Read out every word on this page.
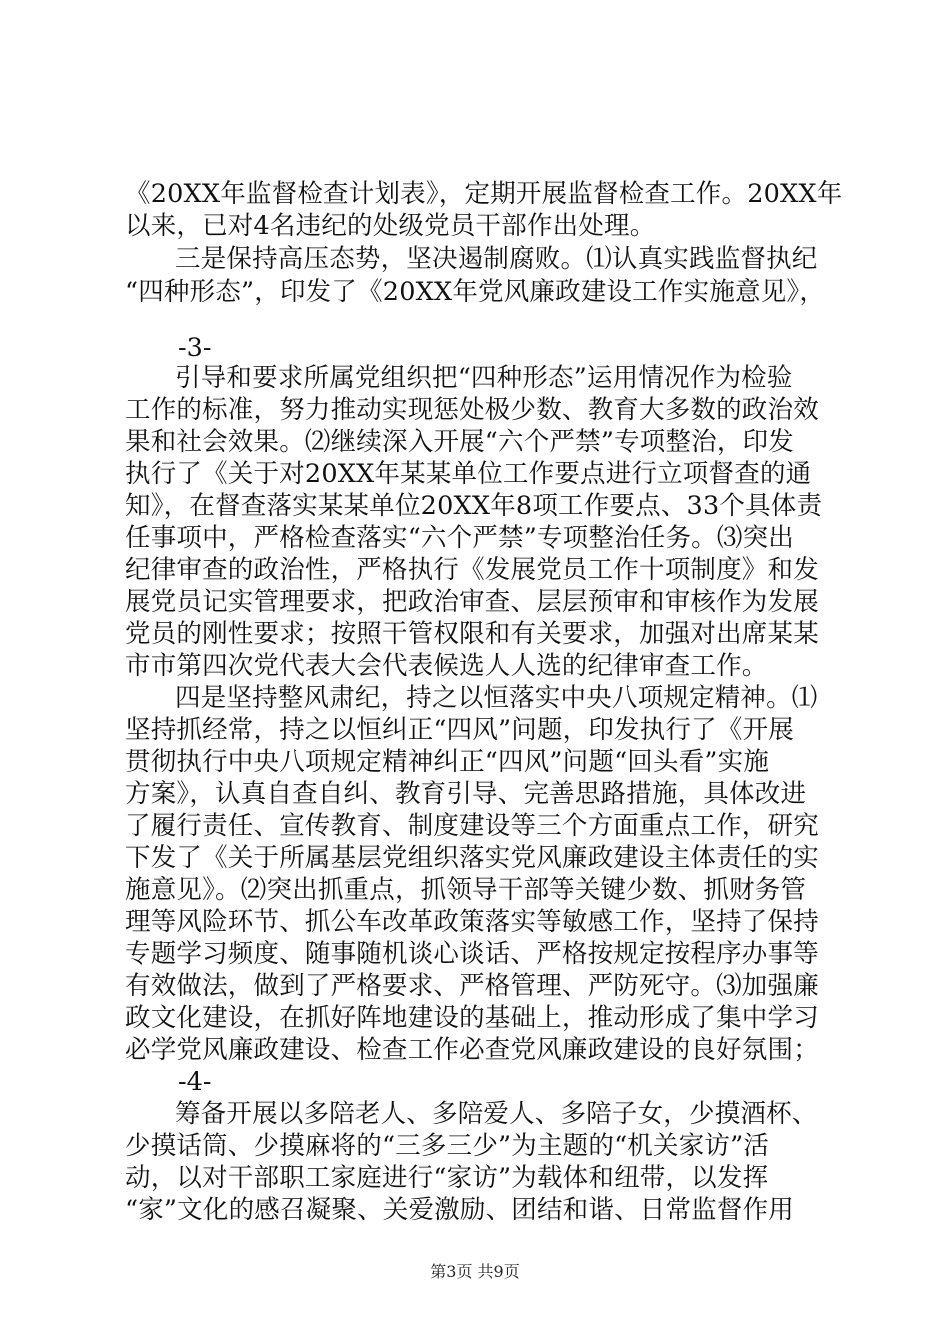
《20XX年监督检查计划表》，定期开展监督检查工作。20XX年
以来，已对4名违纪的处级党员干部作出处理。
三是保持高压态势，坚决遏制腐败。⑴认真实践监督执纪
“四种形态”，印发了《20XX年党风廉政建设工作实施意见》，
-3-
引导和要求所属党组织把“四种形态”运用情况作为检验
工作的标准，努力推动实现惩处极少数、教育大多数的政治效
果和社会效果。⑵继续深入开展“六个严禁”专项整治，印发
执行了《关于对20XX年某某单位工作要点进行立项督查的通
知》，在督查落实某某单位20XX年8项工作要点、33个具体责
任事项中，严格检查落实“六个严禁”专项整治任务。⑶突出
纪律审查的政治性，严格执行《发展党员工作十项制度》和发
展党员记实管理要求，把政治审查、层层预审和审核作为发展
党员的刚性要求；按照干管权限和有关要求，加强对出席某某
市市第四次党代表大会代表候选人人选的纪律审查工作。
四是坚持整风肃纪，持之以恒落实中央八项规定精神。⑴
坚持抓经常，持之以恒纠正“四风”问题，印发执行了《开展
贯彻执行中央八项规定精神纠正“四风”问题“回头看”实施
方案》，认真自查自纠、教育引导、完善思路措施，具体改进
了履行责任、宣传教育、制度建设等三个方面重点工作，研究
下发了《关于所属基层党组织落实党风廉政建设主体责任的实
施意见》。⑵突出抓重点，抓领导干部等关键少数、抓财务管
理等风险环节、抓公车改革政策落实等敏感工作，坚持了保持
专题学习频度、随事随机谈心谈话、严格按规定按程序办事等
有效做法，做到了严格要求、严格管理、严防死守。⑶加强廉
政文化建设，在抓好阵地建设的基础上，推动形成了集中学习
必学党风廉政建设、检查工作必查党风廉政建设的良好氛围；
-4-
筹备开展以多陪老人、多陪爱人、多陪子女，少摸酒杯、
少摸话筒、少摸麻将的“三多三少”为主题的“机关家访”活
动，以对干部职工家庭进行“家访”为载体和纽带，以发挥
“家”文化的感召凝聚、关爱激励、团结和谐、日常监督作用
第3页 共9页
